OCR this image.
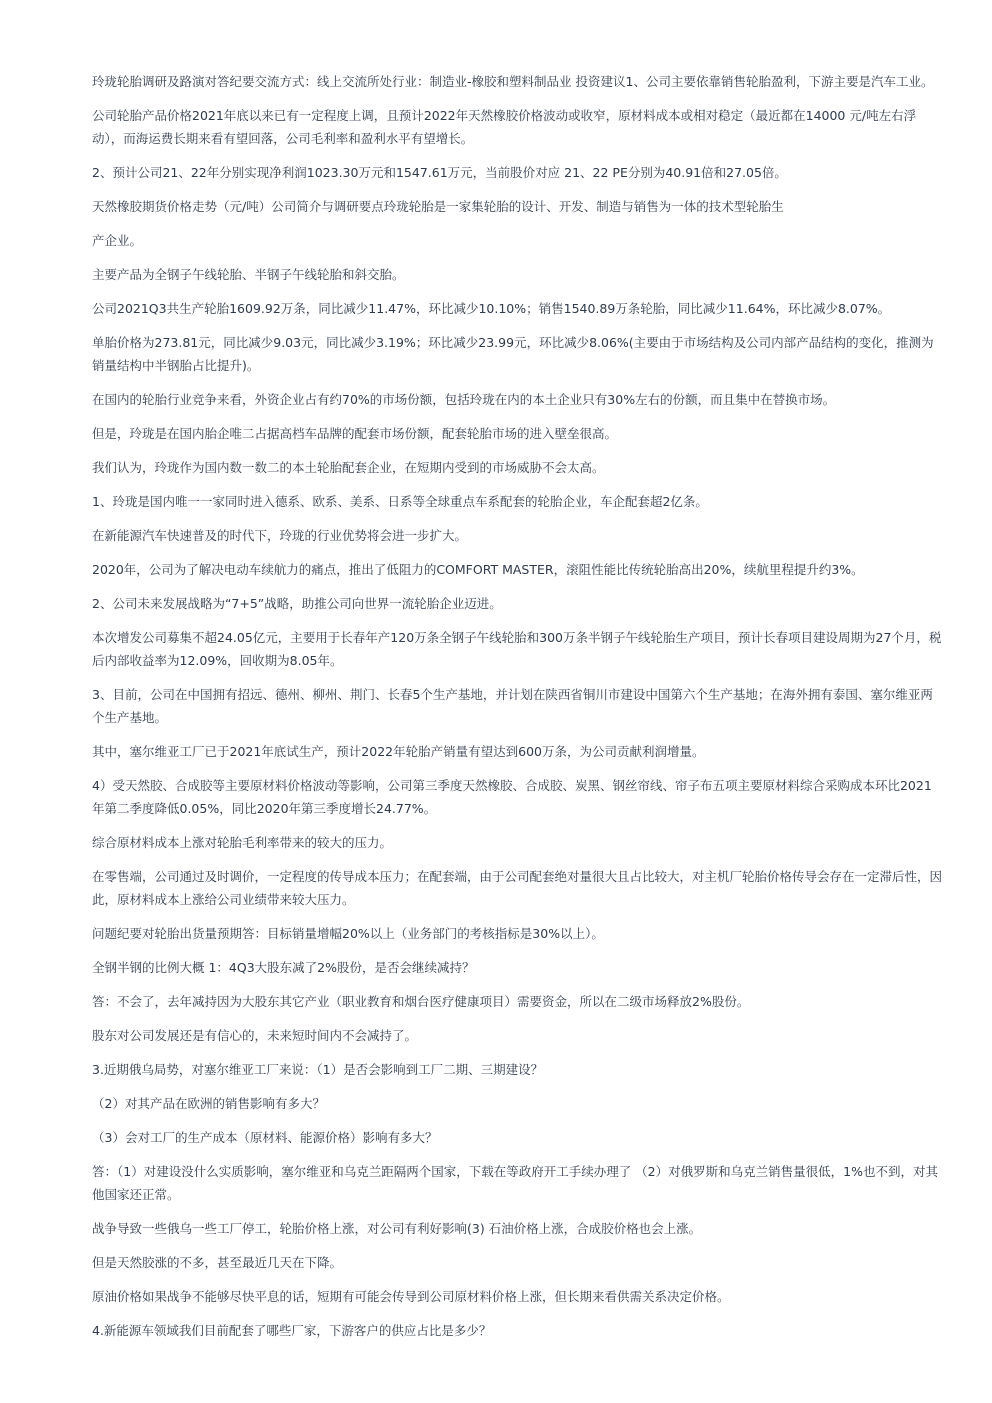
玲珑轮胎调研及路演对答纪要交流方式：线上交流所处行业：制造业-橡胶和塑料制品业 投资建议1、公司主要依靠销售轮胎盈利，下游主要是汽车工业。

公司轮胎产品价格2021年底以来已有一定程度上调，且预计2022年天然橡胶价格波动或收窄，原材料成本或相对稳定（最近都在14000 元/吨左右浮动），而海运费长期来看有望回落，公司毛利率和盈利水平有望增长。

2、预计公司21、22年分别实现净利润1023.30万元和1547.61万元，当前股价对应 21、22 PE分别为40.91倍和27.05倍。

天然橡胶期货价格走势（元/吨）公司简介与调研要点玲珑轮胎是一家集轮胎的设计、开发、制造与销售为一体的技术型轮胎生

产企业。

主要产品为全钢子午线轮胎、半钢子午线轮胎和斜交胎。

公司2021Q3共生产轮胎1609.92万条，同比减少11.47%，环比减少10.10%；销售1540.89万条轮胎，同比减少11.64%，环比减少8.07%。

单胎价格为273.81元，同比减少9.03元，同比减少3.19%；环比减少23.99元，环比减少8.06%(主要由于市场结构及公司内部产品结构的变化，推测为销量结构中半钢胎占比提升)。

在国内的轮胎行业竞争来看，外资企业占有约70%的市场份额，包括玲珑在内的本土企业只有30%左右的份额，而且集中在替换市场。

但是，玲珑是在国内胎企唯二占据高档车品牌的配套市场份额，配套轮胎市场的进入壁垒很高。

我们认为，玲珑作为国内数一数二的本土轮胎配套企业，在短期内受到的市场威胁不会太高。

1、玲珑是国内唯一一家同时进入德系、欧系、美系、日系等全球重点车系配套的轮胎企业，车企配套超2亿条。

在新能源汽车快速普及的时代下，玲珑的行业优势将会进一步扩大。

2020年，公司为了解决电动车续航力的痛点，推出了低阻力的COMFORT MASTER，滚阻性能比传统轮胎高出20%，续航里程提升约3%。

2、公司未来发展战略为“7+5”战略，助推公司向世界一流轮胎企业迈进。

本次增发公司募集不超24.05亿元，主要用于长春年产120万条全钢子午线轮胎和300万条半钢子午线轮胎生产项目，预计长春项目建设周期为27个月，税后内部收益率为12.09%，回收期为8.05年。

3、目前，公司在中国拥有招远、德州、柳州、荆门、长春5个生产基地，并计划在陕西省铜川市建设中国第六个生产基地；在海外拥有泰国、塞尔维亚两个生产基地。

其中，塞尔维亚工厂已于2021年底试生产，预计2022年轮胎产销量有望达到600万条，为公司贡献利润增量。

4）受天然胶、合成胶等主要原材料价格波动等影响，公司第三季度天然橡胶、合成胶、炭黑、钢丝帘线、帘子布五项主要原材料综合采购成本环比2021年第二季度降低0.05%，同比2020年第三季度增长24.77%。

综合原材料成本上涨对轮胎毛利率带来的较大的压力。

在零售端，公司通过及时调价，一定程度的传导成本压力；在配套端，由于公司配套绝对量很大且占比较大，对主机厂轮胎价格传导会存在一定滞后性，因此，原材料成本上涨给公司业绩带来较大压力。

问题纪要对轮胎出货量预期答：目标销量增幅20%以上（业务部门的考核指标是30%以上）。

全钢半钢的比例大概 1：4Q3大股东减了2%股份，是否会继续减持？

答：不会了，去年减持因为大股东其它产业（职业教育和烟台医疗健康项目）需要资金，所以在二级市场释放2%股份。

股东对公司发展还是有信心的，未来短时间内不会减持了。

3.近期俄乌局势，对塞尔维亚工厂来说：（1）是否会影响到工厂二期、三期建设？

（2）对其产品在欧洲的销售影响有多大？

（3）会对工厂的生产成本（原材料、能源价格）影响有多大？

答：（1）对建设没什么实质影响，塞尔维亚和乌克兰距隔两个国家，下载在等政府开工手续办理了 （2）对俄罗斯和乌克兰销售量很低，1%也不到，对其他国家还正常。

战争导致一些俄乌一些工厂停工，轮胎价格上涨，对公司有利好影响(3) 石油价格上涨，合成胶价格也会上涨。

但是天然胶涨的不多，甚至最近几天在下降。

原油价格如果战争不能够尽快平息的话，短期有可能会传导到公司原材料价格上涨，但长期来看供需关系决定价格。

4.新能源车领域我们目前配套了哪些厂家，下游客户的供应占比是多少？
